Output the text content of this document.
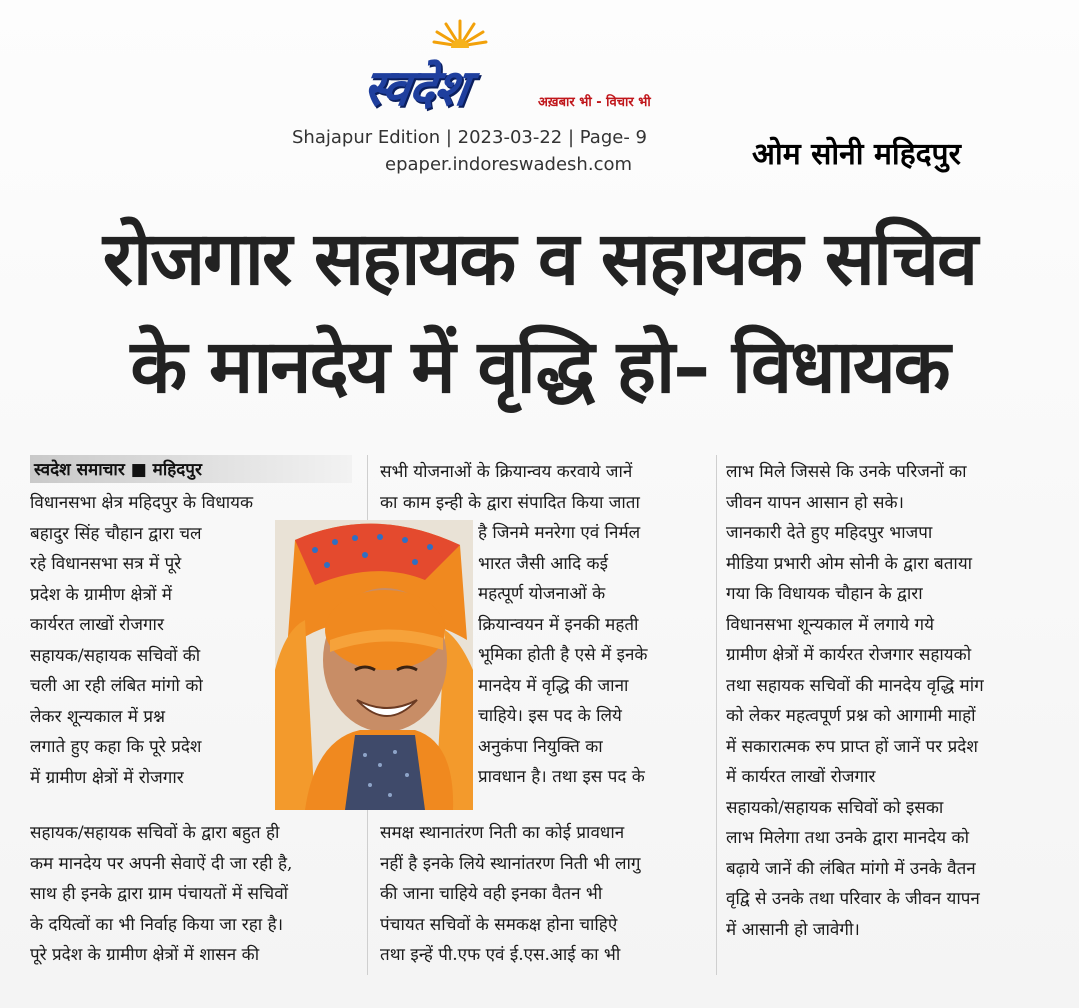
स्वदेश	अख़बार भी - विचार भी
Shajapur Edition | 2023-03-22 | Page- 9
epaper.indoreswadesh.com	ओम सोनी महिदपुर
रोजगार सहायक व सहायक सचिव
के मानदेय में वृद्धि हो– विधायक
स्वदेश समाचार ■ महिदपुर
विधानसभा क्षेत्र महिदपुर के विधायक
बहादुर सिंह चौहान द्वारा चल
रहे विधानसभा सत्र में पूरे
प्रदेश के ग्रामीण क्षेत्रों में
कार्यरत लाखों रोजगार
सहायक/सहायक सचिवों की
चली आ रही लंबित मांगो को
लेकर शून्यकाल में प्रश्न
लगाते हुए कहा कि पूरे प्रदेश
में ग्रामीण क्षेत्रों में रोजगार
सहायक/सहायक सचिवों के द्वारा बहुत ही
कम मानदेय पर अपनी सेवाऐं दी जा रही है,
साथ ही इनके द्वारा ग्राम पंचायतों में सचिवों
के दयित्वों का भी निर्वाह किया जा रहा है।
पूरे प्रदेश के ग्रामीण क्षेत्रों में शासन की
सभी योजनाओं के क्रियान्वय करवाये जानें
का काम इन्ही के द्वारा संपादित किया जाता
है जिनमे मनरेगा एवं निर्मल
भारत जैसी आदि कई
महत्पूर्ण योजनाओं के
क्रियान्वयन में इनकी महती
भूमिका होती है एसे में इनके
मानदेय में वृद्धि की जाना
चाहिये। इस पद के लिये
अनुकंपा नियुक्ति का
प्रावधान है। तथा इस पद के
समक्ष स्थानातंरण निती का कोई प्रावधान
नहीं है इनके लिये स्थानांतरण निती भी लागु
की जाना चाहिये वही इनका वैतन भी
पंचायत सचिवों के समकक्ष होना चाहिऐ
तथा इन्हें पी.एफ एवं ई.एस.आई का भी
लाभ मिले जिससे कि उनके परिजनों का
जीवन यापन आसान हो सके।
जानकारी देते हुए महिदपुर भाजपा
मीडिया प्रभारी ओम सोनी के द्वारा बताया
गया कि विधायक चौहान के द्वारा
विधानसभा शून्यकाल में लगाये गये
ग्रामीण क्षेत्रों में कार्यरत रोजगार सहायको
तथा सहायक सचिवों की मानदेय वृद्धि मांग
को लेकर महत्वपूर्ण प्रश्न को आगामी माहों
में सकारात्मक रुप प्राप्त हों जानें पर प्रदेश
में कार्यरत लाखों रोजगार
सहायको/सहायक सचिवों को इसका
लाभ मिलेगा तथा उनके द्वारा मानदेय को
बढ़ाये जानें की लंबित मांगो में उनके वैतन
वृद्वि से उनके तथा परिवार के जीवन यापन
में आसानी हो जावेगी।
